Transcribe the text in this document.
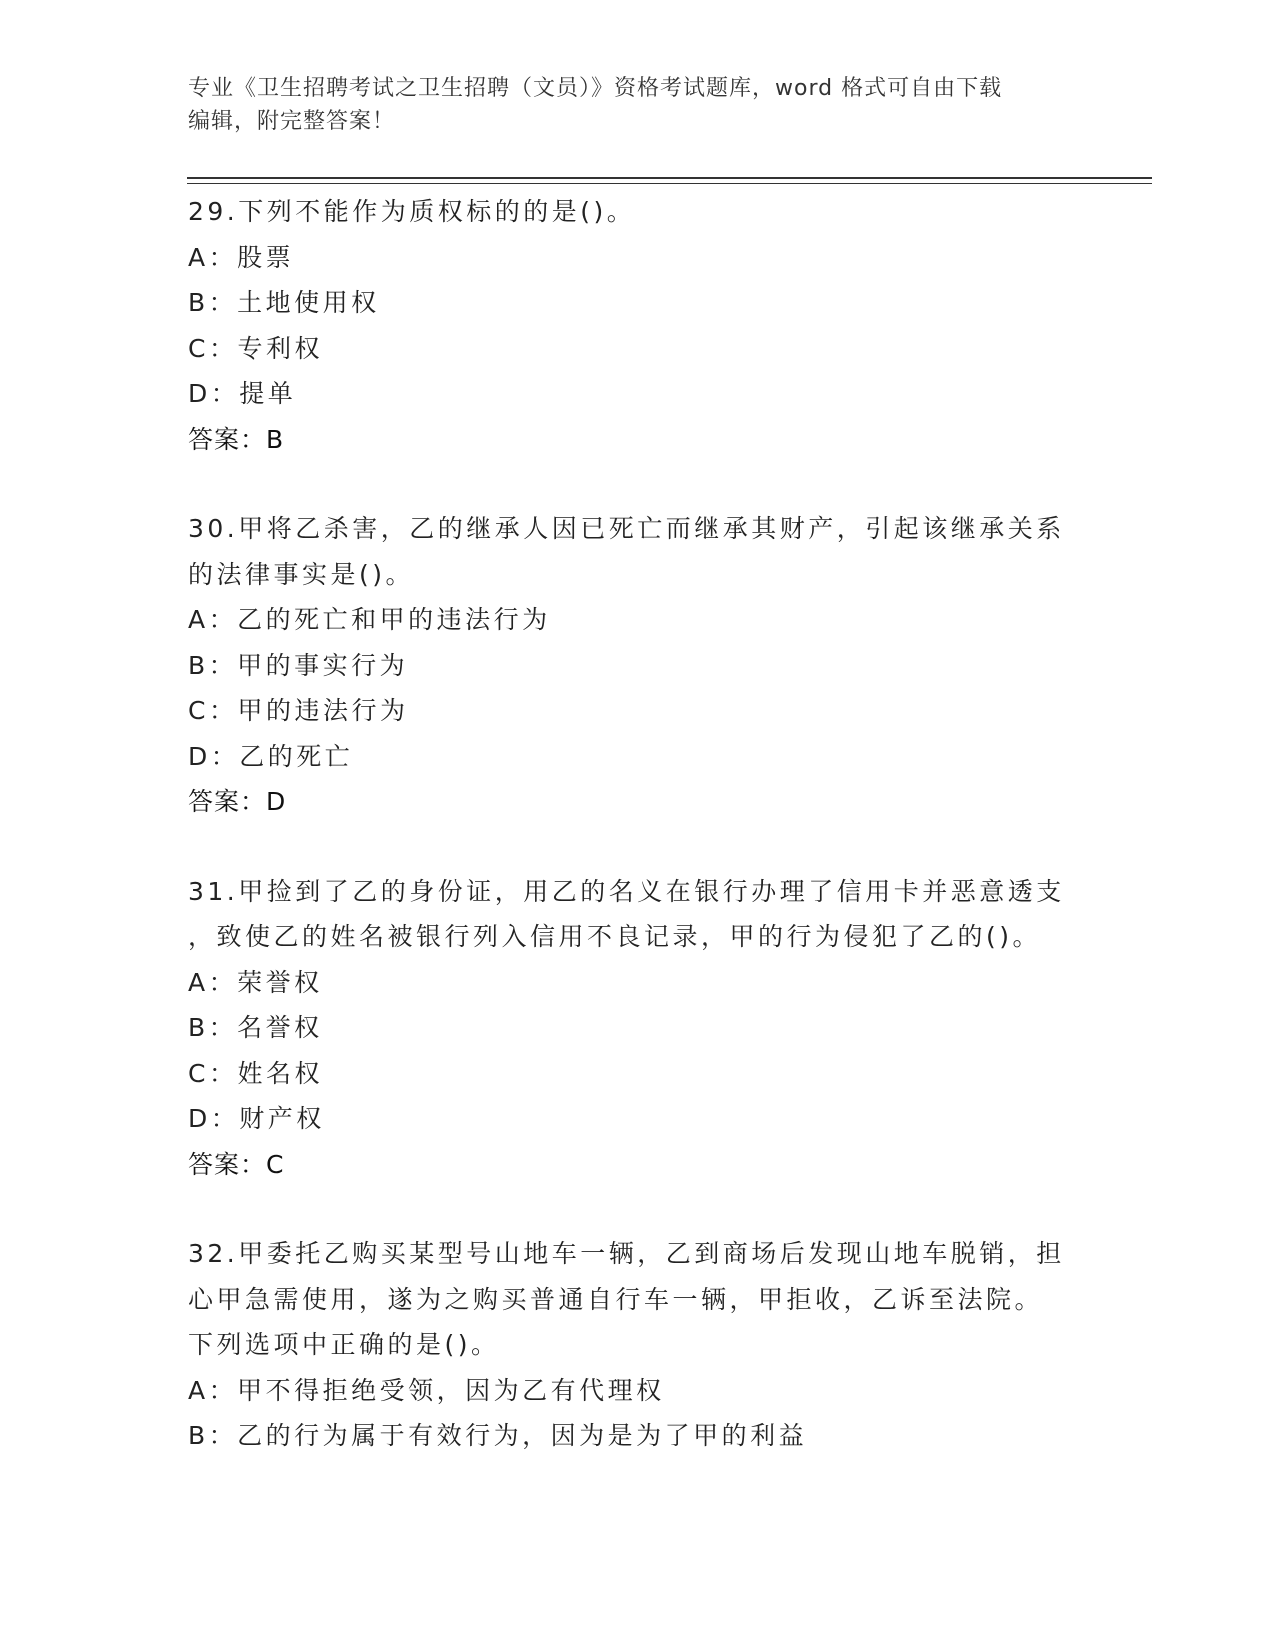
专业《卫生招聘考试之卫生招聘（文员）》资格考试题库，word 格式可自由下载
编辑，附完整答案！
29.下列不能作为质权标的的是()。
A：股票
B：土地使用权
C：专利权
D：提单
答案：B
30.甲将乙杀害，乙的继承人因已死亡而继承其财产，引起该继承关系
的法律事实是()。
A：乙的死亡和甲的违法行为
B：甲的事实行为
C：甲的违法行为
D：乙的死亡
答案：D
31.甲捡到了乙的身份证，用乙的名义在银行办理了信用卡并恶意透支
，致使乙的姓名被银行列入信用不良记录，甲的行为侵犯了乙的()。
A：荣誉权
B：名誉权
C：姓名权
D：财产权
答案：C
32.甲委托乙购买某型号山地车一辆，乙到商场后发现山地车脱销，担
心甲急需使用，遂为之购买普通自行车一辆，甲拒收，乙诉至法院。
下列选项中正确的是()。
A：甲不得拒绝受领，因为乙有代理权
B：乙的行为属于有效行为，因为是为了甲的利益
